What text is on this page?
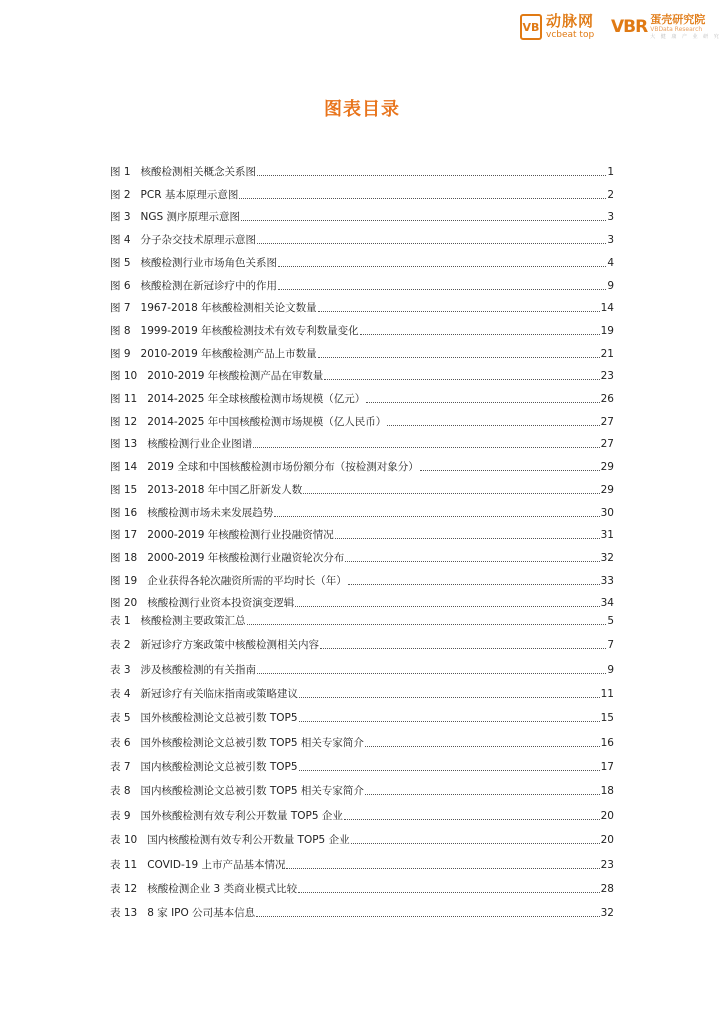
VB 动脉网
vcbeat top VBR 蛋壳研究院
VBData Research
大 健 康 产 业 研 究
图表目录
图 1   核酸检测相关概念关系图	1
图 2   PCR 基本原理示意图	2
图 3   NGS 测序原理示意图	3
图 4   分子杂交技术原理示意图	3
图 5   核酸检测行业市场角色关系图	4
图 6   核酸检测在新冠诊疗中的作用	9
图 7   1967-2018 年核酸检测相关论文数量	14
图 8   1999-2019 年核酸检测技术有效专利数量变化	19
图 9   2010-2019 年核酸检测产品上市数量	21
图 10   2010-2019 年核酸检测产品在审数量	23
图 11   2014-2025 年全球核酸检测市场规模（亿元）	26
图 12   2014-2025 年中国核酸检测市场规模（亿人民币）	27
图 13   核酸检测行业企业图谱	27
图 14   2019 全球和中国核酸检测市场份额分布（按检测对象分）	29
图 15   2013-2018 年中国乙肝新发人数	29
图 16   核酸检测市场未来发展趋势	30
图 17   2000-2019 年核酸检测行业投融资情况	31
图 18   2000-2019 年核酸检测行业融资轮次分布	32
图 19   企业获得各轮次融资所需的平均时长（年）	33
图 20   核酸检测行业资本投资演变逻辑	34
表 1   核酸检测主要政策汇总	5
表 2   新冠诊疗方案政策中核酸检测相关内容	7
表 3   涉及核酸检测的有关指南	9
表 4   新冠诊疗有关临床指南或策略建议	11
表 5   国外核酸检测论文总被引数 TOP5	15
表 6   国外核酸检测论文总被引数 TOP5 相关专家简介	16
表 7   国内核酸检测论文总被引数 TOP5	17
表 8   国内核酸检测论文总被引数 TOP5 相关专家简介	18
表 9   国外核酸检测有效专利公开数量 TOP5 企业	20
表 10   国内核酸检测有效专利公开数量 TOP5 企业	20
表 11   COVID-19 上市产品基本情况	23
表 12   核酸检测企业 3 类商业模式比较	28
表 13   8 家 IPO 公司基本信息	32
